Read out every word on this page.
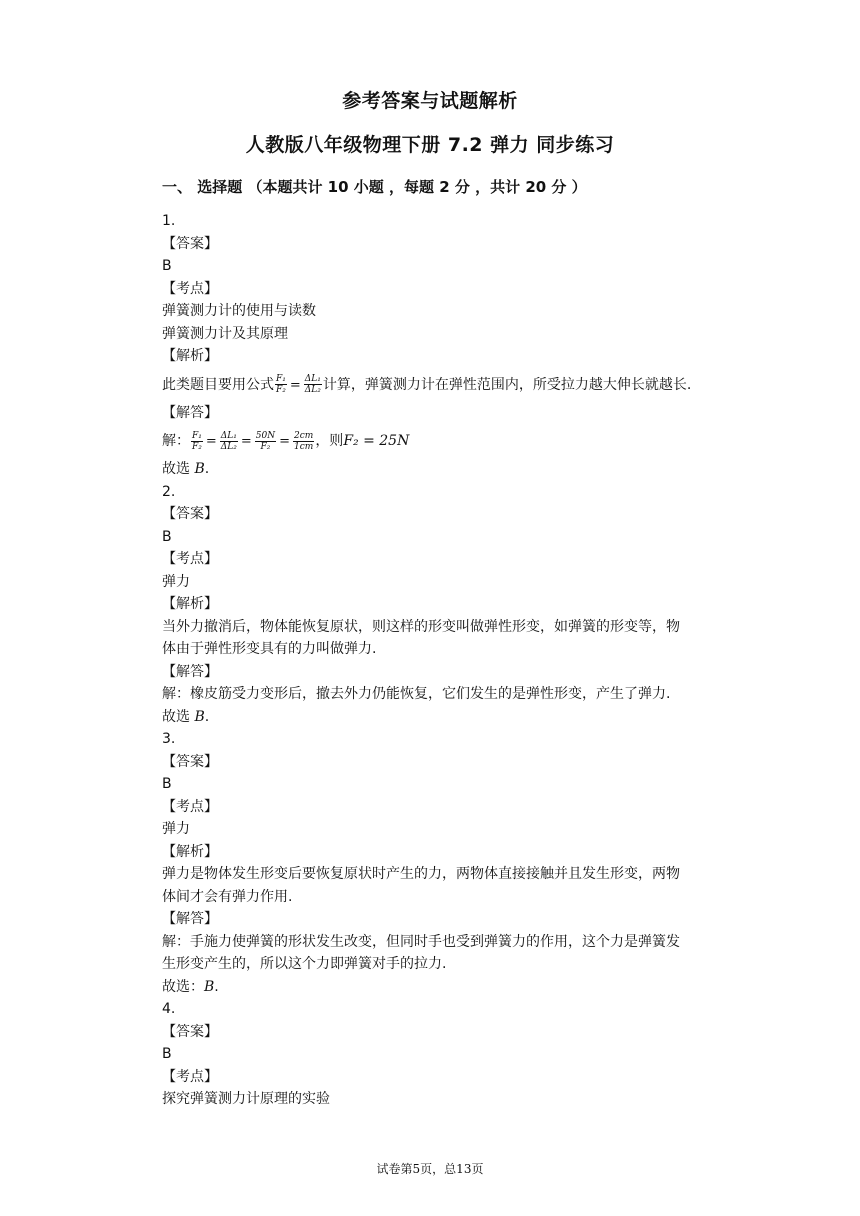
参考答案与试题解析
人教版八年级物理下册 7.2 弹力 同步练习
一、 选择题 （本题共计 10 小题 ，每题 2 分 ，共计 20 分 ）
1.
【答案】
B
【考点】
弹簧测力计的使用与读数
弹簧测力计及其原理
【解析】
此类题目要用公式 $\frac{\text{F₁}}{\text{F₂}} = \frac{\text{ΔL₁}}{\text{ΔL₂}}$ 计算，弹簧测力计在弹性范围内，所受拉力越大伸长就越长.
【解答】
解： $\frac{\text{F₁}}{\text{F₂}} = \frac{\text{ΔL₁}}{\text{ΔL₂}} = \frac{50N}{\text{F₂}} = \frac{2cm}{1cm}$ ，则F₂ = 25N
故选 B.
2.
【答案】
B
【考点】
弹力
【解析】
当外力撤消后，物体能恢复原状，则这样的形变叫做弹性形变，如弹簧的形变等，物
体由于弹性形变具有的力叫做弹力.
【解答】
解：橡皮筋受力变形后，撤去外力仍能恢复，它们发生的是弹性形变，产生了弹力.
故选 B.
3.
【答案】
B
【考点】
弹力
【解析】
弹力是物体发生形变后要恢复原状时产生的力，两物体直接接触并且发生形变，两物
体间才会有弹力作用.
【解答】
解：手施力使弹簧的形状发生改变，但同时手也受到弹簧力的作用，这个力是弹簧发
生形变产生的，所以这个力即弹簧对手的拉力.
故选：B.
4.
【答案】
B
【考点】
探究弹簧测力计原理的实验
试卷第5页，总13页
